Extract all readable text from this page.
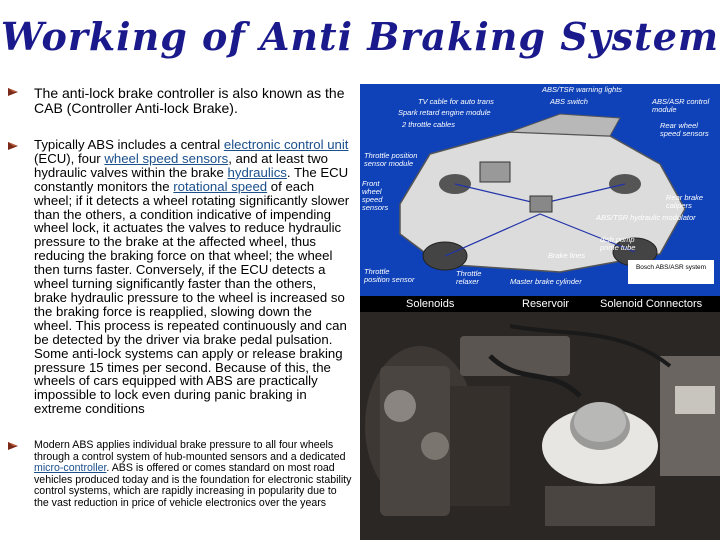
Working of Anti Braking System
The anti-lock brake controller is also known as the CAB (Controller Anti-lock Brake).
Typically ABS includes a central electronic control unit (ECU), four wheel speed sensors, and at least two hydraulic valves within the brake hydraulics. The ECU constantly monitors the rotational speed of each wheel; if it detects a wheel rotating significantly slower than the others, a condition indicative of impending wheel lock, it actuates the valves to reduce hydraulic pressure to the brake at the affected wheel, thus reducing the braking force on that wheel; the wheel then turns faster. Conversely, if the ECU detects a wheel turning significantly faster than the others, brake hydraulic pressure to the wheel is increased so the braking force is reapplied, slowing down the wheel. This process is repeated continuously and can be detected by the driver via brake pedal pulsation. Some anti-lock systems can apply or release braking pressure 15 times per second. Because of this, the wheels of cars equipped with ABS are practically impossible to lock even during panic braking in extreme conditions
Modern ABS applies individual brake pressure to all four wheels through a control system of hub-mounted sensors and a dedicated micro-controller. ABS is offered or comes standard on most road vehicles produced today and is the foundation for electronic stability control systems, which are rapidly increasing in popularity due to the vast reduction in price of vehicle electronics over the years
ABS/TSR warning lights
TV cable for auto trans	ABS switch
Spark retard engine module
2 throttle cables
ABS/ASR control module
Rear wheel speed sensors
Throttle position sensor module
Front wheel speed sensors
Rear brake calipers
ABS/TSR hydraulic modulator
dish pump prime tube
Brake lines
Throttle position sensor
Throttle relaxer	Master brake cylinder
Bosch ABS/ASR system
Solenoids	Reservoir	Solenoid Connectors
